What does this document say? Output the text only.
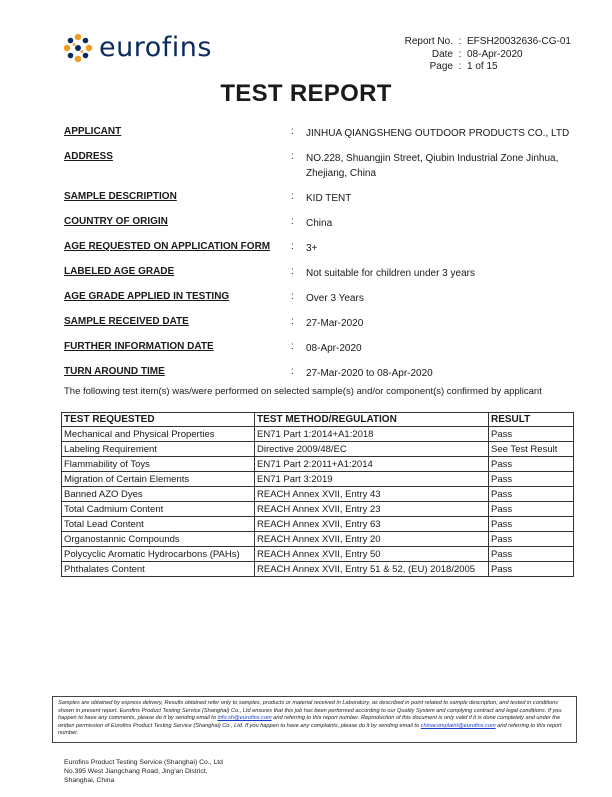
eurofins	Report No. : EFSH20032636-CG-01
Date : 08-Apr-2020
Page : 1 of 15
TEST REPORT
APPLICANT	: JINHUA QIANGSHENG OUTDOOR PRODUCTS CO., LTD
ADDRESS	: NO.228, Shuangjin Street, Qiubin Industrial Zone Jinhua, Zhejiang, China
SAMPLE DESCRIPTION	: KID TENT
COUNTRY OF ORIGIN	: China
AGE REQUESTED ON APPLICATION FORM : 3+
LABELED AGE GRADE	: Not suitable for children under 3 years
AGE GRADE APPLIED IN TESTING	: Over 3 Years
SAMPLE RECEIVED DATE	: 27-Mar-2020
FURTHER INFORMATION DATE	: 08-Apr-2020
TURN AROUND TIME	: 27-Mar-2020 to 08-Apr-2020
The following test item(s) was/were performed on selected sample(s) and/or component(s) confirmed by applicant
TEST REQUESTED	TEST METHOD/REGULATION	RESULT
Mechanical and Physical Properties	EN71 Part 1:2014+A1:2018	Pass
Labeling Requirement	Directive 2009/48/EC	See Test Result
Flammability of Toys	EN71 Part 2:2011+A1:2014	Pass
Migration of Certain Elements	EN71 Part 3:2019	Pass
Banned AZO Dyes	REACH Annex XVII, Entry 43	Pass
Total Cadmium Content	REACH Annex XVII, Entry 23	Pass
Total Lead Content	REACH Annex XVII, Entry 63	Pass
Organostannic Compounds	REACH Annex XVII, Entry 20	Pass
Polycyclic Aromatic Hydrocarbons (PAHs)	REACH Annex XVII, Entry 50	Pass
Phthalates Content	REACH Annex XVII, Entry 51 & 52, (EU) 2018/2005	Pass
Samples are obtained by express delivery, Results obtained refer only to samples, products or material received in Laboratory, as described in point related to sample description, and tested in conditions shown in present report. Eurofins Product Testing Service (Shanghai) Co., Ltd ensures that this job has been performed according to our Quality System and complying contract and legal conditions. If you happen to have any comments, please do it by sending email to info.sh@eurofins.com and referring to this report number. Reproduction of this document is only valid if it is done completely and under the written permission of Eurofins Product Testing Service (Shanghai) Co., Ltd. If you happen to have any complaints, please do it by sending email to chinacomplaint@eurofins.com and referring to this report number.
Eurofins Product Testing Service (Shanghai) Co., Ltd
No.395 West Jiangchang Road, Jing'an District,
Shanghai, China
